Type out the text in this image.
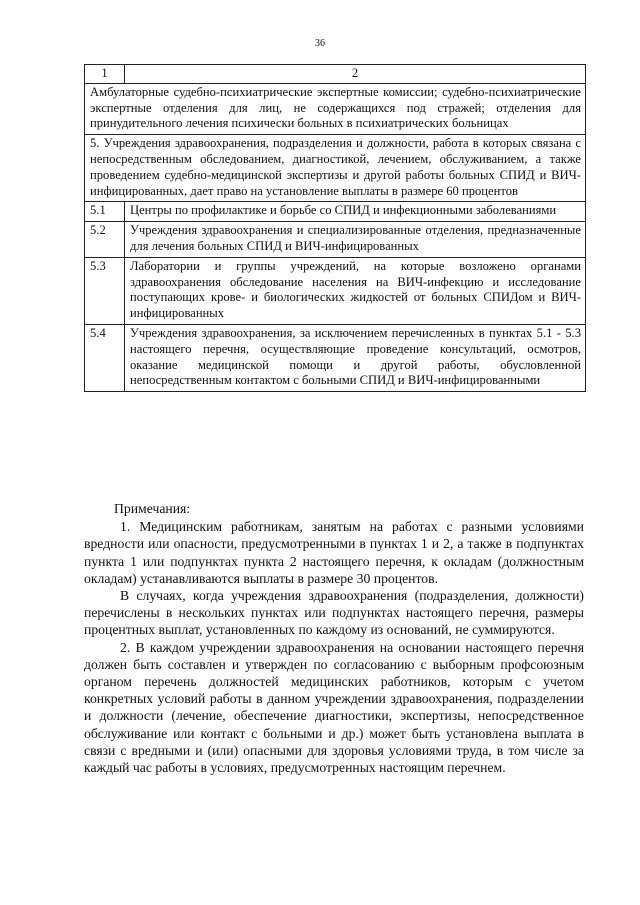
36
1	2
Амбулаторные судебно-психиатрические экспертные комиссии; судебно-психиатрические экспертные отделения для лиц, не содержащихся под стражей; отделения для принудительного лечения психически больных в психиатрических больницах	
5. Учреждения здравоохранения, подразделения и должности, работа в которых связана с непосредственным обследованием, диагностикой, лечением, обслуживанием, а также проведением судебно-медицинской экспертизы и другой работы больных СПИД и ВИЧ-инфицированных, дает право на установление выплаты в размере 60 процентов	
5.1	Центры по профилактике и борьбе со СПИД и инфекционными заболеваниями
5.2	Учреждения здравоохранения и специализированные отделения, предназначенные для лечения больных СПИД и ВИЧ-инфицированных
5.3	Лаборатории и группы учреждений, на которые возложено органами здравоохранения обследование населения на ВИЧ-инфекцию и исследование поступающих крове- и биологических жидкостей от больных СПИДом и ВИЧ-инфицированных
5.4	Учреждения здравоохранения, за исключением перечисленных в пунктах 5.1 - 5.3 настоящего перечня, осуществляющие проведение консультаций, осмотров, оказание медицинской помощи и другой работы, обусловленной непосредственным контактом с больными СПИД и ВИЧ-инфицированными

Примечания:

1. Медицинским работникам, занятым на работах с разными условиями вредности или опасности, предусмотренными в пунктах 1 и 2, а также в подпунктах пункта 1 или подпунктах пункта 2 настоящего перечня, к окладам (должностным окладам) устанавливаются выплаты в размере 30 процентов.

В случаях, когда учреждения здравоохранения (подразделения, должности) перечислены в нескольких пунктах или подпунктах настоящего перечня, размеры процентных выплат, установленных по каждому из оснований, не суммируются.

2. В каждом учреждении здравоохранения на основании настоящего перечня должен быть составлен и утвержден по согласованию с выборным профсоюзным органом перечень должностей медицинских работников, которым с учетом конкретных условий работы в данном учреждении здравоохранения, подразделении и должности (лечение, обеспечение диагностики, экспертизы, непосредственное обслуживание или контакт с больными и др.) может быть установлена выплата в связи с вредными и (или) опасными для здоровья условиями труда, в том числе за каждый час работы в условиях, предусмотренных настоящим перечнем.
